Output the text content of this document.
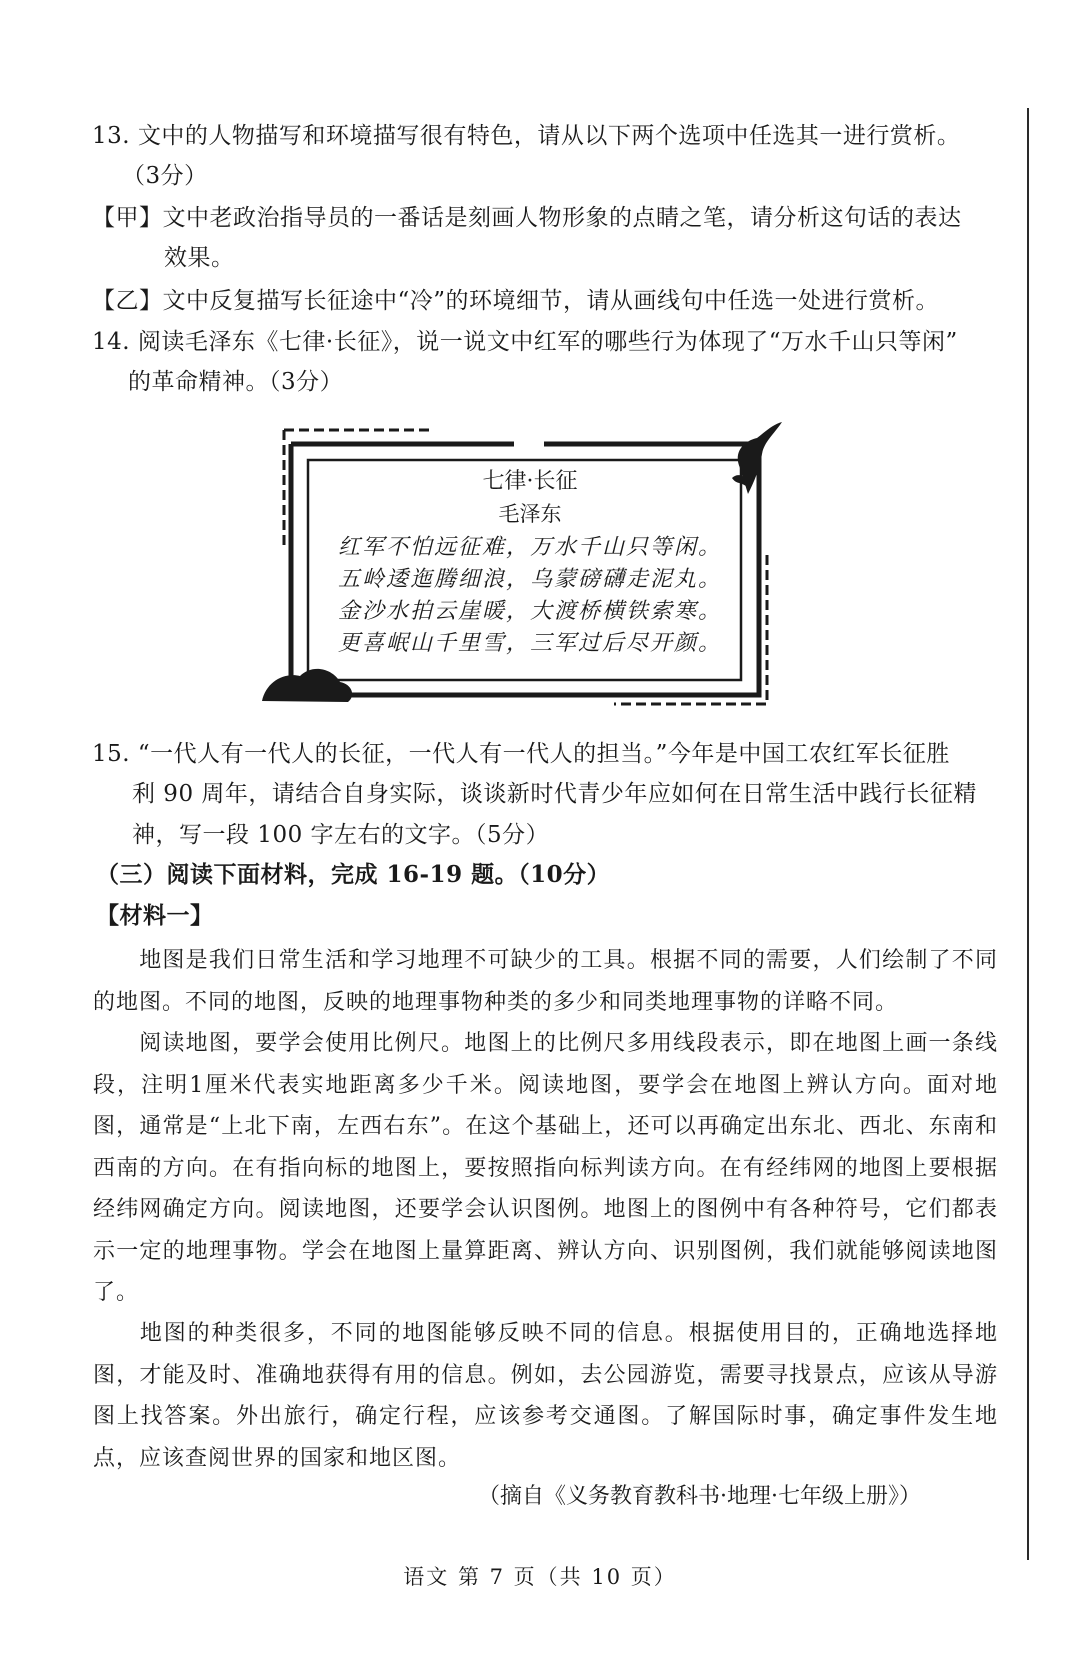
13. 文中的人物描写和环境描写很有特色，请从以下两个选项中任选其一进行赏析。
（3分）
【甲】文中老政治指导员的一番话是刻画人物形象的点睛之笔，请分析这句话的表达
效果。
【乙】文中反复描写长征途中“冷”的环境细节，请从画线句中任选一处进行赏析。
14. 阅读毛泽东《七律·长征》，说一说文中红军的哪些行为体现了“万水千山只等闲”
的革命精神。（3分）
七律·长征
毛泽东
红军不怕远征难，万水千山只等闲。
五岭逶迤腾细浪，乌蒙磅礴走泥丸。
金沙水拍云崖暖，大渡桥横铁索寒。
更喜岷山千里雪，三军过后尽开颜。
15. “一代人有一代人的长征，一代人有一代人的担当。”今年是中国工农红军长征胜
利 90 周年，请结合自身实际，谈谈新时代青少年应如何在日常生活中践行长征精
神，写一段 100 字左右的文字。（5分）
（三）阅读下面材料，完成 16-19 题。（10分）
【材料一】
地图是我们日常生活和学习地理不可缺少的工具。根据不同的需要，人们绘制了不同的地图。不同的地图，反映的地理事物种类的多少和同类地理事物的详略不同。
阅读地图，要学会使用比例尺。地图上的比例尺多用线段表示，即在地图上画一条线段，注明1厘米代表实地距离多少千米。阅读地图，要学会在地图上辨认方向。面对地图，通常是“上北下南，左西右东”。在这个基础上，还可以再确定出东北、西北、东南和西南的方向。在有指向标的地图上，要按照指向标判读方向。在有经纬网的地图上要根据经纬网确定方向。阅读地图，还要学会认识图例。地图上的图例中有各种符号，它们都表示一定的地理事物。学会在地图上量算距离、辨认方向、识别图例，我们就能够阅读地图了。
地图的种类很多，不同的地图能够反映不同的信息。根据使用目的，正确地选择地图，才能及时、准确地获得有用的信息。例如，去公园游览，需要寻找景点，应该从导游图上找答案。外出旅行，确定行程，应该参考交通图。了解国际时事，确定事件发生地点，应该查阅世界的国家和地区图。
（摘自《义务教育教科书·地理·七年级上册》）
语文 第 7 页（共 10 页）
